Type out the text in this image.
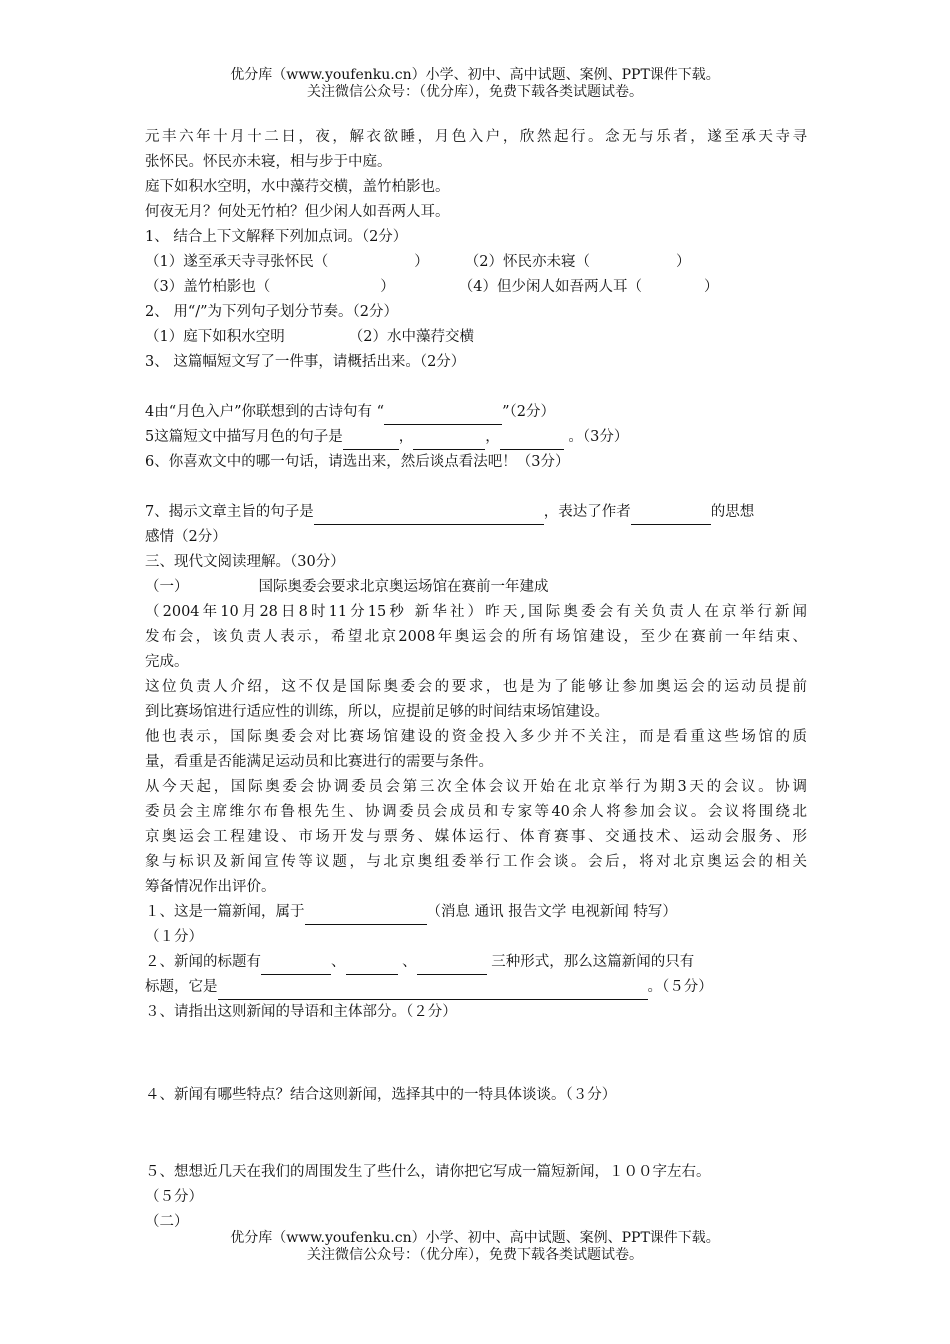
优分库（www.youfenku.cn）小学、初中、高中试题、案例、PPT课件下载。
关注微信公众号：（优分库），免费下载各类试题试卷。
元丰六年十月十二日，夜，解衣欲睡，月色入户，欣然起行。念无与乐者，遂至承天寺寻
张怀民。怀民亦未寝，相与步于中庭。
庭下如积水空明，水中藻荇交横，盖竹柏影也。
何夜无月？何处无竹柏？但少闲人如吾两人耳。
1、 结合上下文解释下列加点词。（2分）
（1）遂至承天寺寻张怀民（	） （2）怀民亦未寝（	）
（3）盖竹柏影也（	）	（4）但少闲人如吾两人耳（	）
2、 用“/”为下列句子划分节奏。（2分）
（1）庭下如积水空明	（2）水中藻荇交横
3、 这篇幅短文写了一件事，请概括出来。（2分）
4由“月色入户”你联想到的古诗句有 “	”（2分）
5这篇短文中描写月色的句子是	，	，	。（3分）
6、你喜欢文中的哪一句话，请选出来，然后谈点看法吧！（3分）
7、揭示文章主旨的句子是	，表达了作者	的思想
感情（2分）
三、现代文阅读理解。（30分）
（一）	国际奥委会要求北京奥运场馆在赛前一年建成
（2004年10月28日8时11分15秒 新华社）昨天,国际奥委会有关负责人在京举行新闻
发布会，该负责人表示，希望北京2008年奥运会的所有场馆建设，至少在赛前一年结束、
完成。
这位负责人介绍，这不仅是国际奥委会的要求，也是为了能够让参加奥运会的运动员提前
到比赛场馆进行适应性的训练，所以，应提前足够的时间结束场馆建设。
他也表示，国际奥委会对比赛场馆建设的资金投入多少并不关注，而是看重这些场馆的质
量，看重是否能满足运动员和比赛进行的需要与条件。
从今天起，国际奥委会协调委员会第三次全体会议开始在北京举行为期3天的会议。协调
委员会主席维尔布鲁根先生、协调委员会成员和专家等40余人将参加会议。会议将围绕北
京奥运会工程建设、市场开发与票务、媒体运行、体育赛事、交通技术、运动会服务、形
象与标识及新闻宣传等议题，与北京奥组委举行工作会谈。会后，将对北京奥运会的相关
筹备情况作出评价。
１、这是一篇新闻，属于	（消息 通讯 报告文学 电视新闻 特写）
（１分）
２、新闻的标题有	、	、	三种形式，那么这篇新闻的只有
标题，它是	。（５分）
３、请指出这则新闻的导语和主体部分。（２分）
４、新闻有哪些特点？结合这则新闻，选择其中的一特具体谈谈。（３分）
５、想想近几天在我们的周围发生了些什么，请你把它写成一篇短新闻，１００字左右。
（５分）
（二）
优分库（www.youfenku.cn）小学、初中、高中试题、案例、PPT课件下载。
关注微信公众号：（优分库），免费下载各类试题试卷。
